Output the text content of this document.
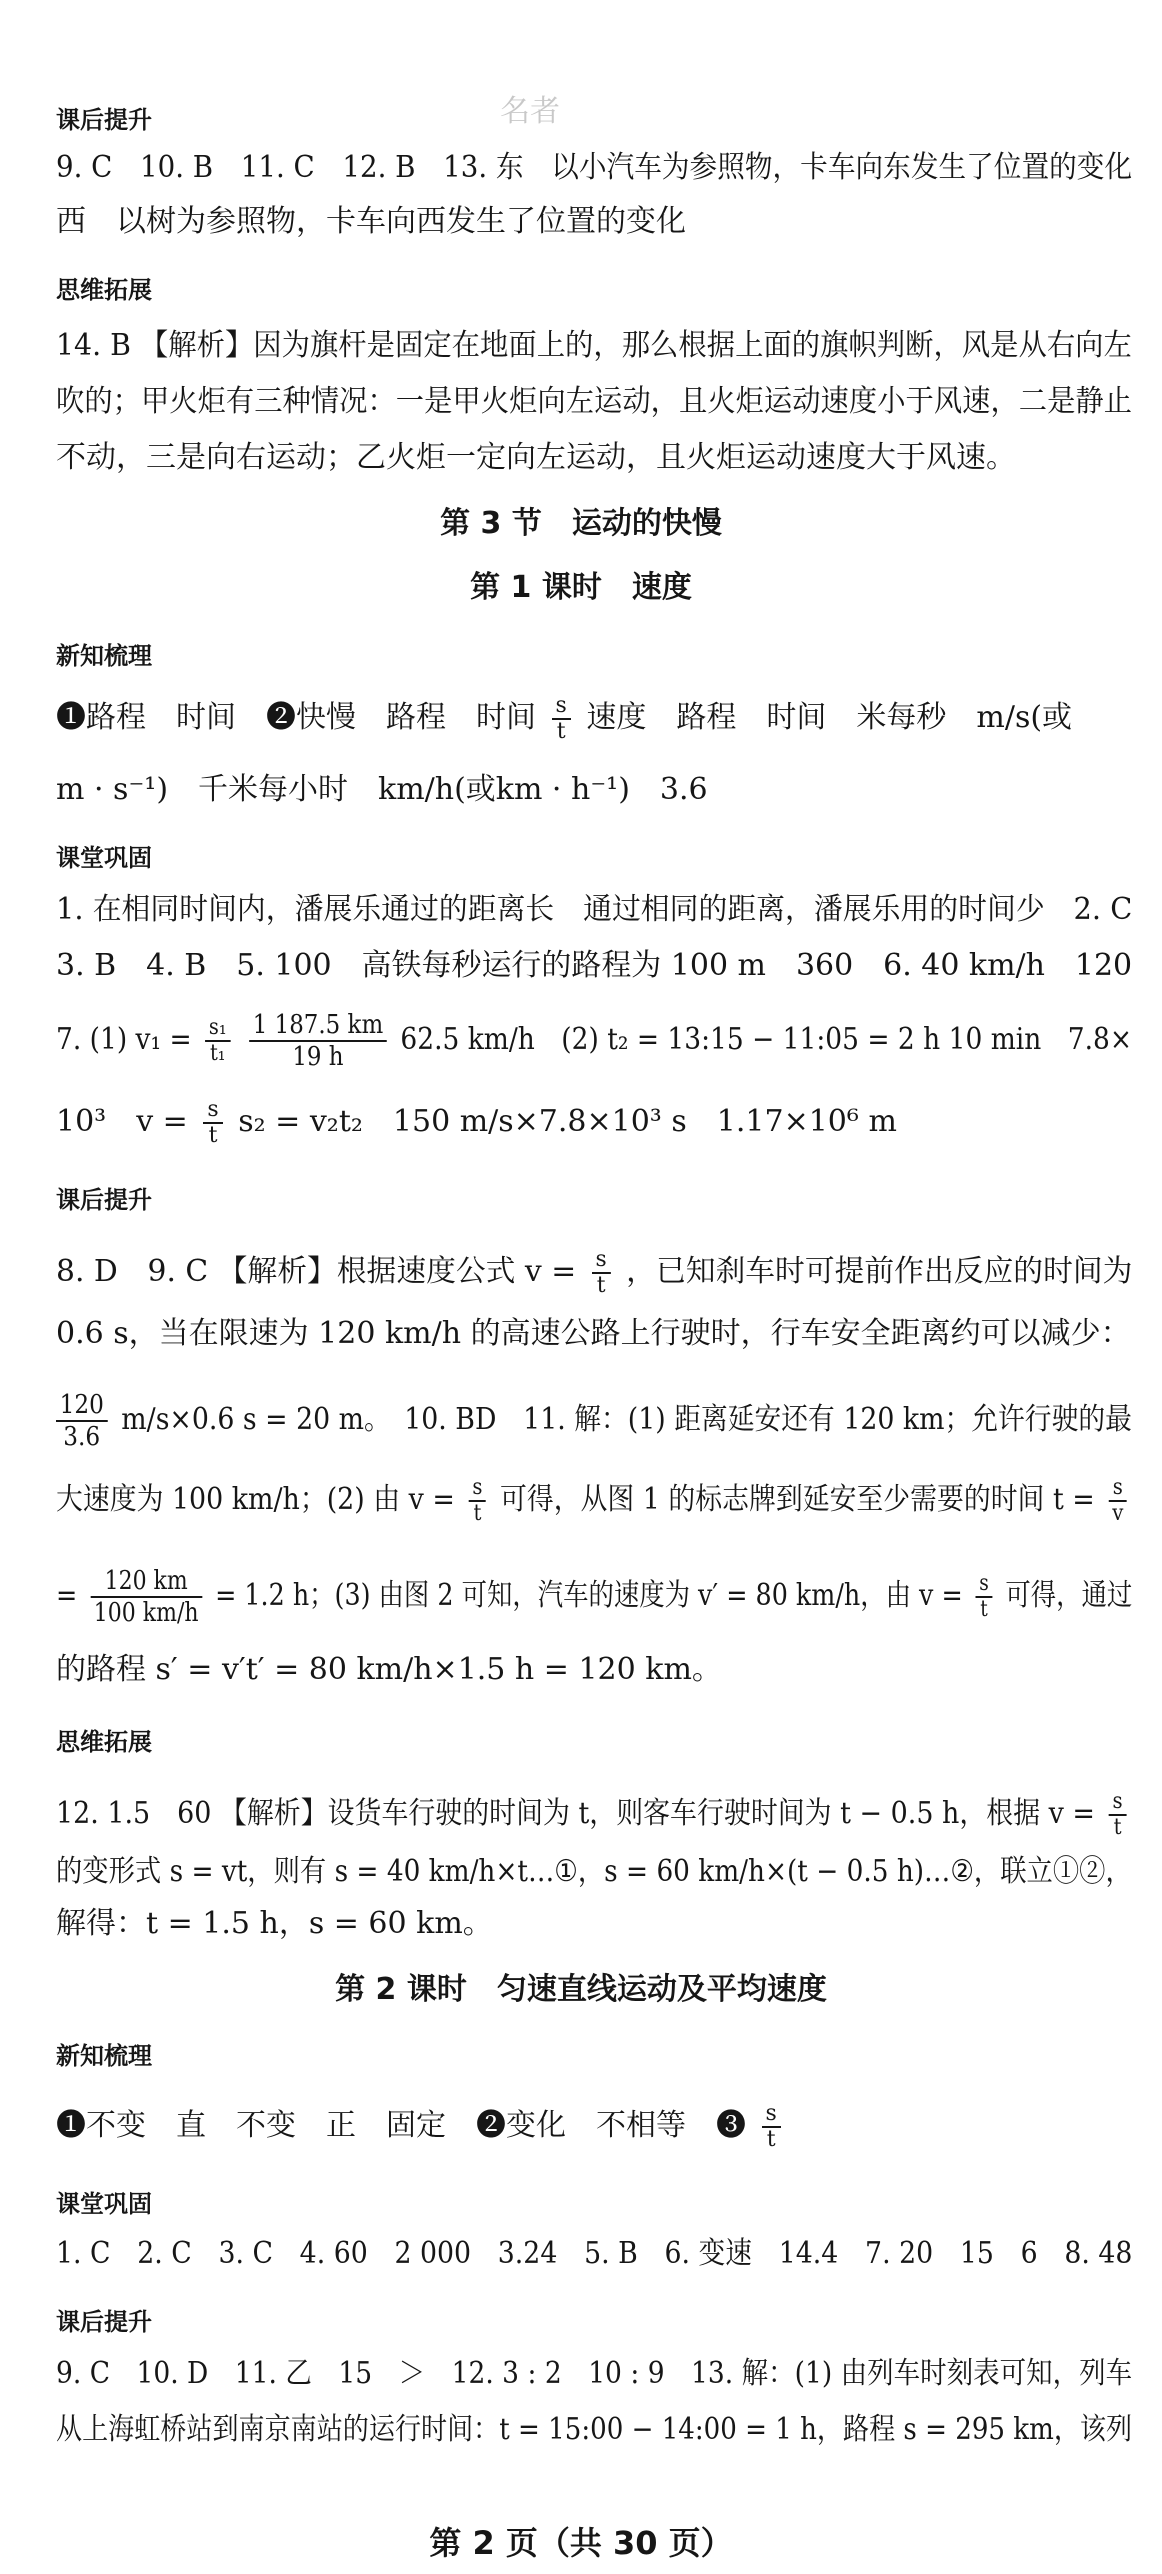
名者
课后提升
9. C　10. B　11. C　12. B　13. 东　以小汽车为参照物，卡车向东发生了位置的变化
西　以树为参照物，卡车向西发生了位置的变化
思维拓展
14. B 【解析】因为旗杆是固定在地面上的，那么根据上面的旗帜判断，风是从右向左
吹的；甲火炬有三种情况：一是甲火炬向左运动，且火炬运动速度小于风速，二是静止
不动，三是向右运动；乙火炬一定向左运动，且火炬运动速度大于风速。
第 3 节　运动的快慢
第 1 课时　速度
新知梳理
❶路程　时间　❷快慢　路程　时间 $\frac{s}{t}$ 速度　路程　时间　米每秒　m/s(或
m · s⁻¹)　千米每小时　km/h(或km · h⁻¹)　3.6
课堂巩固
1. 在相同时间内，潘展乐通过的距离长　通过相同的距离，潘展乐用的时间少　2. C
3. B　4. B　5. 100　高铁每秒运行的路程为 100 m　360　6. 40 km/h　120
7. (1) $v_1 = \frac{\text{s₁}}{\text{t₁}}$
$\frac{1 187.5 km}{19 h} 62.5$ km/h　(2) t₂ = 13:15 − 11:05 = 2 h 10 min　7.8×
10³　$v = \frac{s}{t} s_2 = v_2t_2$　150 m/s×7.8×10³ s　1.17×10⁶ m
课后提升
8. D　9. C 【解析】根据速度公式 $v = \frac{s}{t}$ ，已知刹车时可提前作出反应的时间为
0.6 s，当在限速为 120 km/h 的高速公路上行驶时，行车安全距离约可以减少：
$\frac{120}{3.6} m/s\times 0.6$ s = 20 m。　10. BD　11. 解：(1) 距离延安还有 120 km；允许行驶的最
大速度为 100 km/h；(2) 由 $v = \frac{s}{t}$ 可得，从图 1 的标志牌到延安至少需要的时间 $t = \frac{s}{v}$
= $\frac{120 km}{100 km/h} = 1.2$ h；(3) 由图 2 可知，汽车的速度为 v′ = 80 km/h，由 $v = \frac{s}{t}$ 可得，通过
的路程 s′ = v′t′ = 80 km/h×1.5 h = 120 km。
思维拓展
12. 1.5　60 【解析】设货车行驶的时间为 t，则客车行驶时间为 t − 0.5 h，根据 $v = \frac{s}{t}$
的变形式 s = vt，则有 s = 40 km/h×t…①，s = 60 km/h×(t − 0.5 h)…②，联立①②，
解得：t = 1.5 h，s = 60 km。
第 2 课时　匀速直线运动及平均速度
新知梳理
❶不变　直　不变　正　固定　❷变化　不相等　❸ $\frac{s}{t}$
课堂巩固
1. C　2. C　3. C　4. 60　2 000　3.24　5. B　6. 变速　14.4　7. 20　15　6　8. 48
课后提升
9. C　10. D　11. 乙　15　＞　12. 3 : 2　10 : 9　13. 解：(1) 由列车时刻表可知，列车
从上海虹桥站到南京南站的运行时间：t = 15:00 − 14:00 = 1 h，路程 s = 295 km，该列
第 2 页（共 30 页）
